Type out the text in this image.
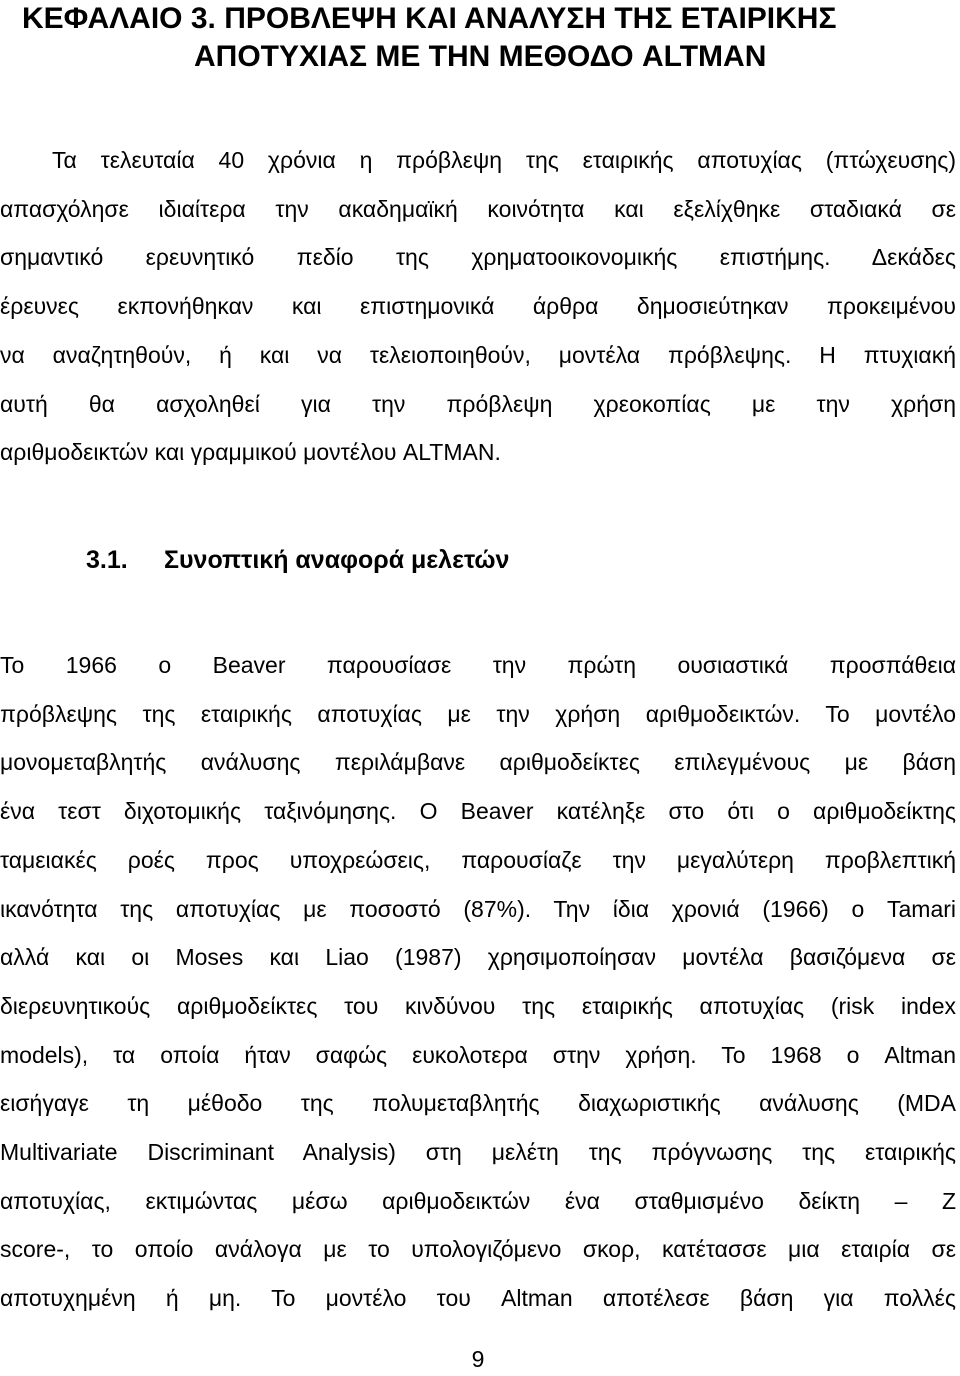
ΚΕΦΑΛΑΙΟ 3. ΠΡΟΒΛΕΨΗ ΚΑΙ ΑΝΑΛΥΣΗ ΤΗΣ ΕΤΑΙΡΙΚΗΣ
ΑΠΟΤΥΧΙΑΣ ΜΕ ΤΗΝ ΜΕΘΟΔΟ ALTMAN
Τα τελευταία 40 χρόνια η πρόβλεψη της εταιρικής αποτυχίας (πτώχευσης)
απασχόλησε ιδιαίτερα την ακαδημαϊκή κοινότητα και εξελίχθηκε σταδιακά σε
σημαντικό ερευνητικό πεδίο της χρηματοοικονομικής επιστήμης. Δεκάδες
έρευνες εκπονήθηκαν και επιστημονικά άρθρα δημοσιεύτηκαν προκειμένου
να αναζητηθούν, ή και να τελειοποιηθούν, μοντέλα πρόβλεψης. Η πτυχιακή
αυτή θα ασχοληθεί για την πρόβλεψη χρεοκοπίας με την χρήση
αριθμοδεικτών και γραμμικού μοντέλου ALTMAN.
3.1. Συνοπτική αναφορά μελετών
Το 1966 ο Beaver παρουσίασε την πρώτη ουσιαστικά προσπάθεια
πρόβλεψης της εταιρικής αποτυχίας με την χρήση αριθμοδεικτών. Το μοντέλο
μονομεταβλητής ανάλυσης περιλάμβανε αριθμοδείκτες επιλεγμένους με βάση
ένα τεστ διχοτομικής ταξινόμησης. Ο Beaver κατέληξε στο ότι ο αριθμοδείκτης
ταμειακές ροές προς υποχρεώσεις, παρουσίαζε την μεγαλύτερη προβλεπτική
ικανότητα της αποτυχίας με ποσοστό (87%). Την ίδια χρονιά (1966) ο Tamari
αλλά και οι Moses και Liao (1987) χρησιμοποίησαν μοντέλα βασιζόμενα σε
διερευνητικούς αριθμοδείκτες του κινδύνου της εταιρικής αποτυχίας (risk index
models), τα οποία ήταν σαφώς ευκολοτερα στην χρήση. Το 1968 ο Altman
εισήγαγε τη μέθοδο της πολυμεταβλητής διαχωριστικής ανάλυσης (MDA
Multivariate Discriminant Analysis) στη μελέτη της πρόγνωσης της εταιρικής
αποτυχίας, εκτιμώντας μέσω αριθμοδεικτών ένα σταθμισμένο δείκτη – Z
score-, το οποίο ανάλογα με το υπολογιζόμενο σκορ, κατέτασσε μια εταιρία σε
αποτυχημένη ή μη. Το μοντέλο του Altman αποτέλεσε βάση για πολλές
9
